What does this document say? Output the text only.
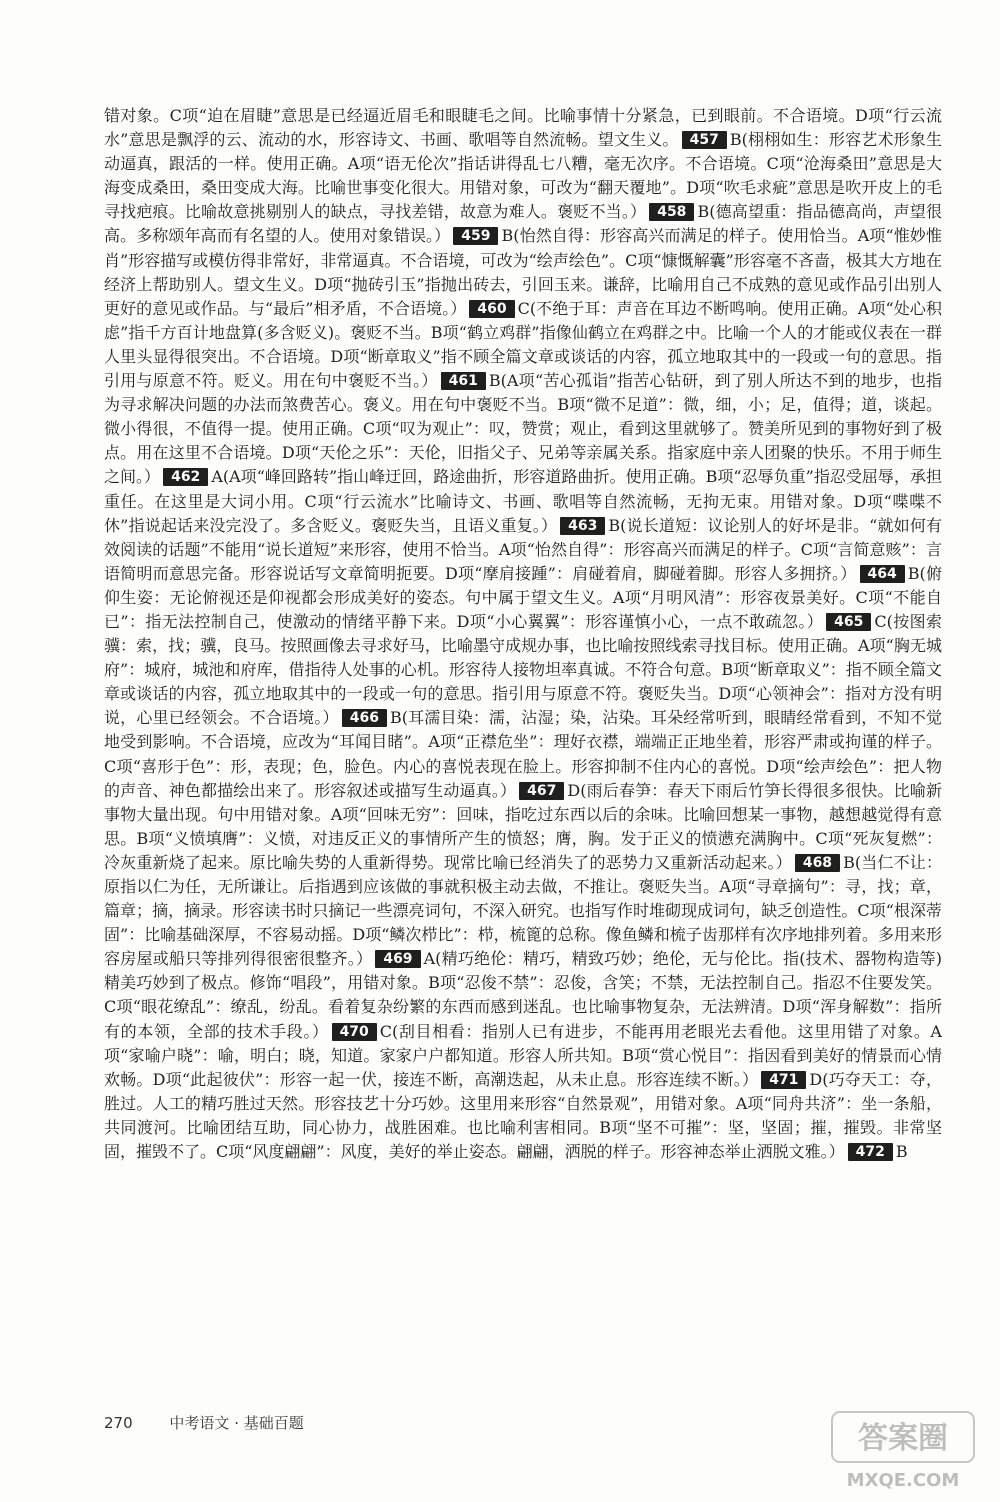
错对象。C项“迫在眉睫”意思是已经逼近眉毛和眼睫毛之间。比喻事情十分紧急，已到眼前。不合语境。D项“行云流水”意思是飘浮的云、流动的水，形容诗文、书画、歌唱等自然流畅。望文生义。 457 B(栩栩如生：形容艺术形象生动逼真，跟活的一样。使用正确。A项“语无伦次”指话讲得乱七八糟，毫无次序。不合语境。C项“沧海桑田”意思是大海变成桑田，桑田变成大海。比喻世事变化很大。用错对象，可改为“翻天覆地”。D项“吹毛求疵”意思是吹开皮上的毛寻找疤痕。比喻故意挑剔别人的缺点，寻找差错，故意为难人。褒贬不当。） 458 B(德高望重：指品德高尚，声望很高。多称颂年高而有名望的人。使用对象错误。） 459 B(怡然自得：形容高兴而满足的样子。使用恰当。A项“惟妙惟肖”形容描写或模仿得非常好，非常逼真。不合语境，可改为“绘声绘色”。C项“慷慨解囊”形容毫不吝啬，极其大方地在经济上帮助别人。望文生义。D项“抛砖引玉”指抛出砖去，引回玉来。谦辞，比喻用自己不成熟的意见或作品引出别人更好的意见或作品。与“最后”相矛盾，不合语境。） 460 C(不绝于耳：声音在耳边不断鸣响。使用正确。A项“处心积虑”指千方百计地盘算(多含贬义)。褒贬不当。B项“鹤立鸡群”指像仙鹤立在鸡群之中。比喻一个人的才能或仪表在一群人里头显得很突出。不合语境。D项“断章取义”指不顾全篇文章或谈话的内容，孤立地取其中的一段或一句的意思。指引用与原意不符。贬义。用在句中褒贬不当。） 461 B(A项“苦心孤诣”指苦心钻研，到了别人所达不到的地步，也指为寻求解决问题的办法而煞费苦心。褒义。用在句中褒贬不当。B项“微不足道”：微，细，小；足，值得；道，谈起。微小得很，不值得一提。使用正确。C项“叹为观止”：叹，赞赏；观止，看到这里就够了。赞美所见到的事物好到了极点。用在这里不合语境。D项“天伦之乐”：天伦，旧指父子、兄弟等亲属关系。指家庭中亲人团聚的快乐。不用于师生之间。） 462 A(A项“峰回路转”指山峰迂回，路途曲折，形容道路曲折。使用正确。B项“忍辱负重”指忍受屈辱，承担重任。在这里是大词小用。C项“行云流水”比喻诗文、书画、歌唱等自然流畅，无拘无束。用错对象。D项“喋喋不休”指说起话来没完没了。多含贬义。褒贬失当，且语义重复。） 463 B(说长道短：议论别人的好坏是非。“就如何有效阅读的话题”不能用“说长道短”来形容，使用不恰当。A项“怡然自得”：形容高兴而满足的样子。C项“言简意赅”：言语简明而意思完备。形容说话写文章简明扼要。D项“摩肩接踵”：肩碰着肩，脚碰着脚。形容人多拥挤。） 464 B(俯仰生姿：无论俯视还是仰视都会形成美好的姿态。句中属于望文生义。A项“月明风清”：形容夜景美好。C项“不能自已”：指无法控制自己，使激动的情绪平静下来。D项“小心翼翼”：形容谨慎小心，一点不敢疏忽。） 465 C(按图索骥：索，找；骥，良马。按照画像去寻求好马，比喻墨守成规办事，也比喻按照线索寻找目标。使用正确。A项“胸无城府”：城府，城池和府库，借指待人处事的心机。形容待人接物坦率真诚。不符合句意。B项“断章取义”：指不顾全篇文章或谈话的内容，孤立地取其中的一段或一句的意思。指引用与原意不符。褒贬失当。D项“心领神会”：指对方没有明说，心里已经领会。不合语境。） 466 B(耳濡目染：濡，沾湿；染，沾染。耳朵经常听到，眼睛经常看到，不知不觉地受到影响。不合语境，应改为“耳闻目睹”。A项“正襟危坐”：理好衣襟，端端正正地坐着，形容严肃或拘谨的样子。C项“喜形于色”：形，表现；色，脸色。内心的喜悦表现在脸上。形容抑制不住内心的喜悦。D项“绘声绘色”：把人物的声音、神色都描绘出来了。形容叙述或描写生动逼真。） 467 D(雨后春笋：春天下雨后竹笋长得很多很快。比喻新事物大量出现。句中用错对象。A项“回味无穷”：回味，指吃过东西以后的余味。比喻回想某一事物，越想越觉得有意思。B项“义愤填膺”：义愤，对违反正义的事情所产生的愤怒；膺，胸。发于正义的愤懑充满胸中。C项“死灰复燃”：冷灰重新烧了起来。原比喻失势的人重新得势。现常比喻已经消失了的恶势力又重新活动起来。） 468 B(当仁不让：原指以仁为任，无所谦让。后指遇到应该做的事就积极主动去做，不推让。褒贬失当。A项“寻章摘句”：寻，找；章，篇章；摘，摘录。形容读书时只摘记一些漂亮词句，不深入研究。也指写作时堆砌现成词句，缺乏创造性。C项“根深蒂固”：比喻基础深厚，不容易动摇。D项“鳞次栉比”：栉，梳篦的总称。像鱼鳞和梳子齿那样有次序地排列着。多用来形容房屋或船只等排列得很密很整齐。） 469 A(精巧绝伦：精巧，精致巧妙；绝伦，无与伦比。指(技术、器物构造等)精美巧妙到了极点。修饰“唱段”，用错对象。B项“忍俊不禁”：忍俊，含笑；不禁，无法控制自己。指忍不住要发笑。C项“眼花缭乱”：缭乱，纷乱。看着复杂纷繁的东西而感到迷乱。也比喻事物复杂，无法辨清。D项“浑身解数”：指所有的本领，全部的技术手段。） 470 C(刮目相看：指别人已有进步，不能再用老眼光去看他。这里用错了对象。A项“家喻户晓”：喻，明白；晓，知道。家家户户都知道。形容人所共知。B项“赏心悦目”：指因看到美好的情景而心情欢畅。D项“此起彼伏”：形容一起一伏，接连不断，高潮迭起，从未止息。形容连续不断。） 471 D(巧夺天工：夺，胜过。人工的精巧胜过天然。形容技艺十分巧妙。这里用来形容“自然景观”，用错对象。A项“同舟共济”：坐一条船，共同渡河。比喻团结互助，同心协力，战胜困难。也比喻利害相同。B项“坚不可摧”：坚，坚固；摧，摧毁。非常坚固，摧毁不了。C项“风度翩翩”：风度，美好的举止姿态。翩翩，洒脱的样子。形容神态举止洒脱文雅。） 472 B
270 中考语文 · 基础百题	答案圈
MXQE.COM
